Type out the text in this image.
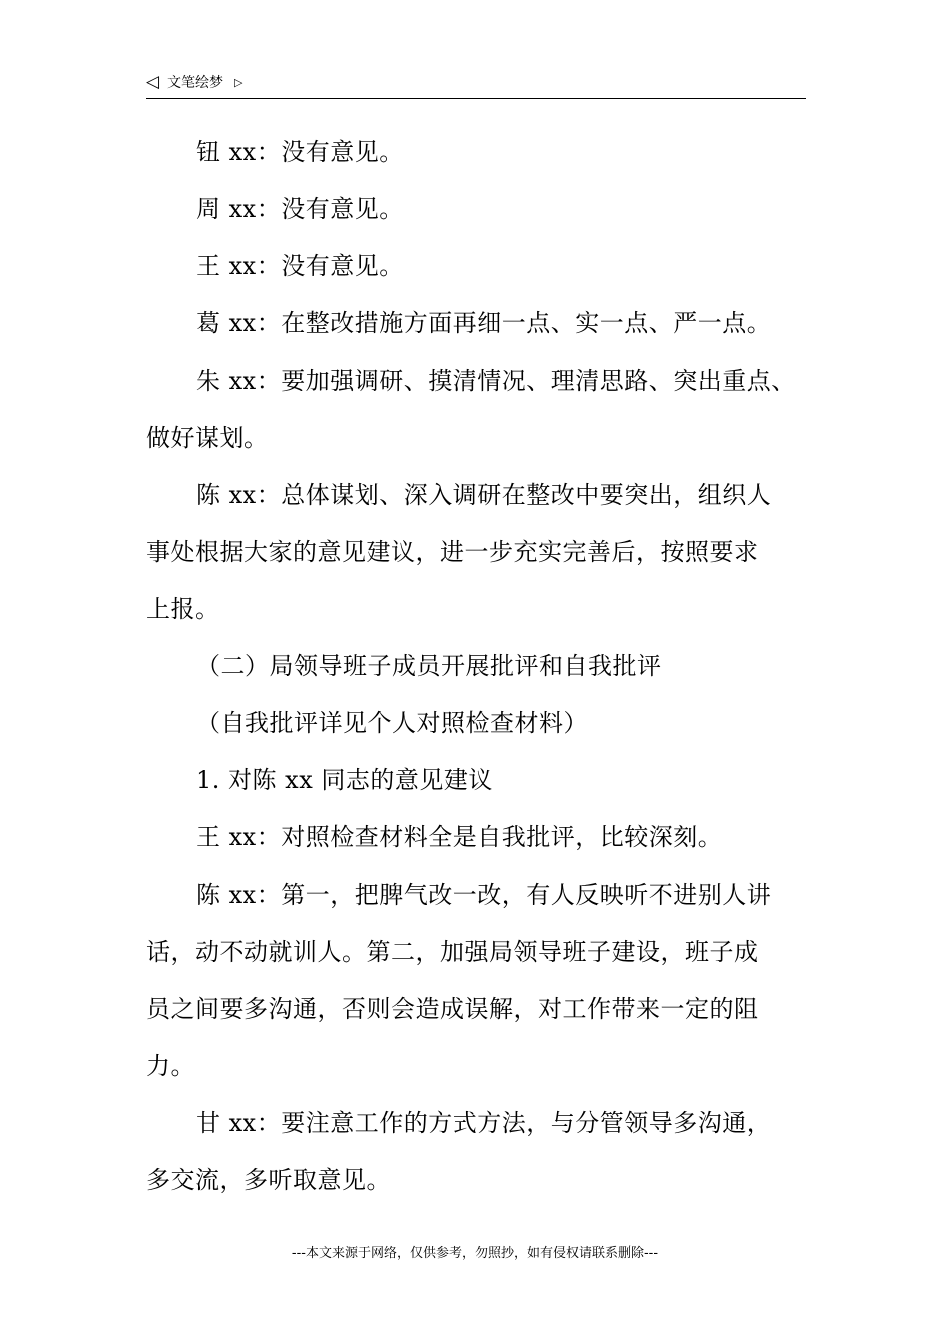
◁ 文笔绘梦 ▷
钮 xx：没有意见。
周 xx：没有意见。
王 xx：没有意见。
葛 xx：在整改措施方面再细一点、实一点、严一点。
朱 xx：要加强调研、摸清情况、理清思路、突出重点、
做好谋划。
陈 xx：总体谋划、深入调研在整改中要突出，组织人
事处根据大家的意见建议，进一步充实完善后，按照要求
上报。
（二）局领导班子成员开展批评和自我批评
（自我批评详见个人对照检查材料）
1. 对陈 xx 同志的意见建议
王 xx：对照检查材料全是自我批评，比较深刻。
陈 xx：第一，把脾气改一改，有人反映听不进别人讲
话，动不动就训人。第二，加强局领导班子建设，班子成
员之间要多沟通，否则会造成误解，对工作带来一定的阻
力。
甘 xx：要注意工作的方式方法，与分管领导多沟通，
多交流，多听取意见。
---本文来源于网络，仅供参考，勿照抄，如有侵权请联系删除---
